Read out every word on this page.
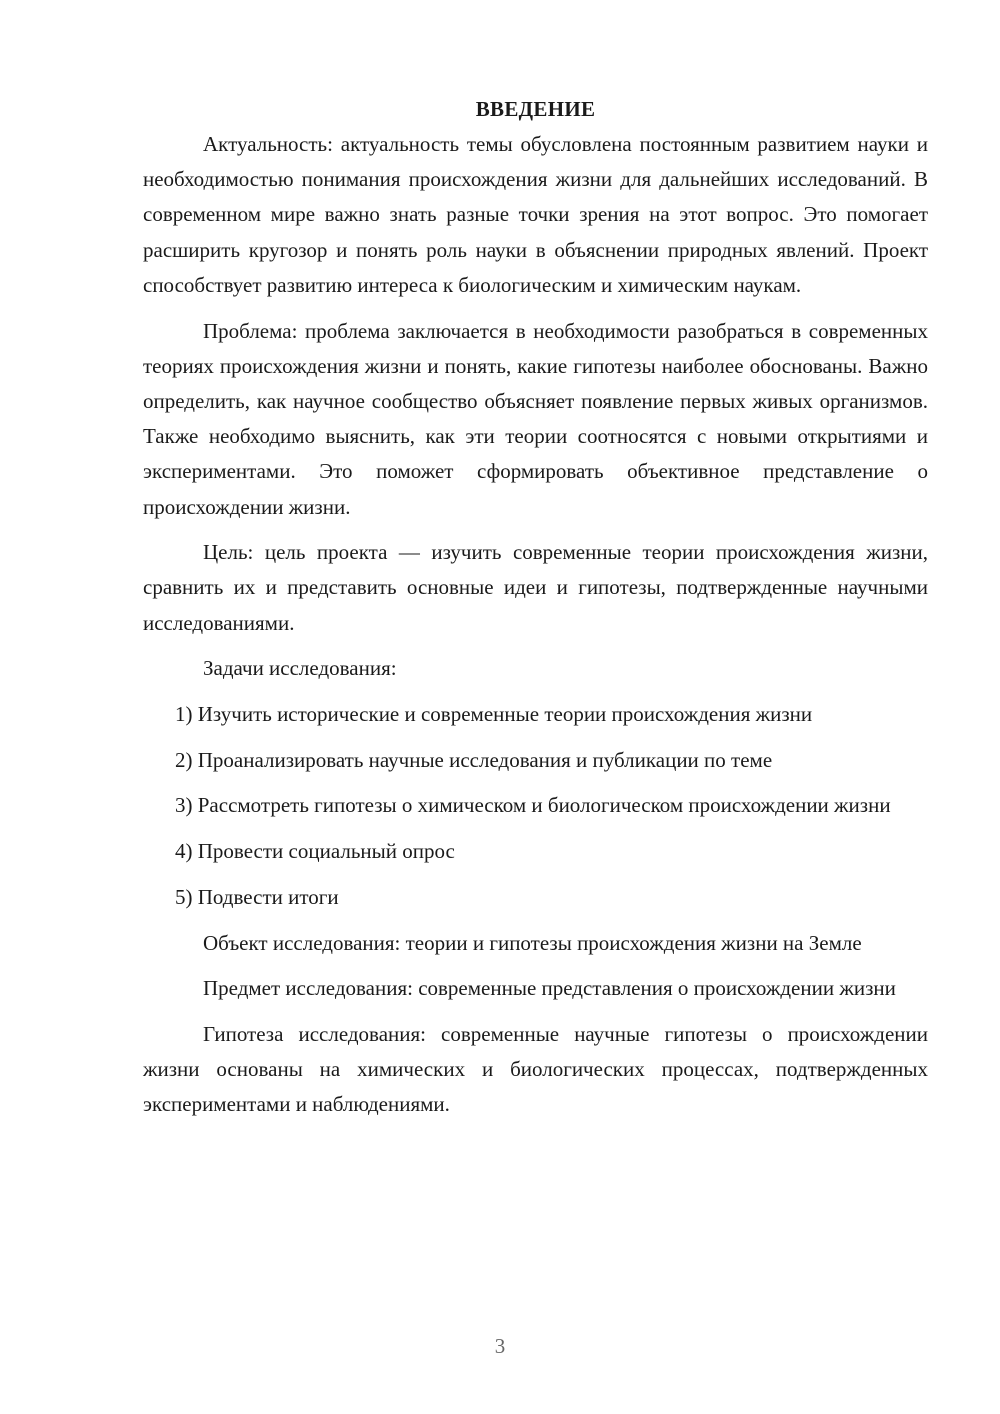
ВВЕДЕНИЕ

Актуальность: актуальность темы обусловлена постоянным развитием науки и необходимостью понимания происхождения жизни для дальнейших исследований. В современном мире важно знать разные точки зрения на этот вопрос. Это помогает расширить кругозор и понять роль науки в объяснении природных явлений. Проект способствует развитию интереса к биологическим и химическим наукам.

Проблема: проблема заключается в необходимости разобраться в современных теориях происхождения жизни и понять, какие гипотезы наиболее обоснованы. Важно определить, как научное сообщество объясняет появление первых живых организмов. Также необходимо выяснить, как эти теории соотносятся с новыми открытиями и экспериментами. Это поможет сформировать объективное представление о происхождении жизни.

Цель: цель проекта — изучить современные теории происхождения жизни, сравнить их и представить основные идеи и гипотезы, подтвержденные научными исследованиями.

Задачи исследования:

1) Изучить исторические и современные теории происхождения жизни

2) Проанализировать научные исследования и публикации по теме

3) Рассмотреть гипотезы о химическом и биологическом происхождении жизни

4) Провести социальный опрос

5) Подвести итоги

Объект исследования: теории и гипотезы происхождения жизни на Земле

Предмет исследования: современные представления о происхождении жизни

Гипотеза исследования: современные научные гипотезы о происхождении жизни основаны на химических и биологических процессах, подтвержденных экспериментами и наблюдениями.

3
